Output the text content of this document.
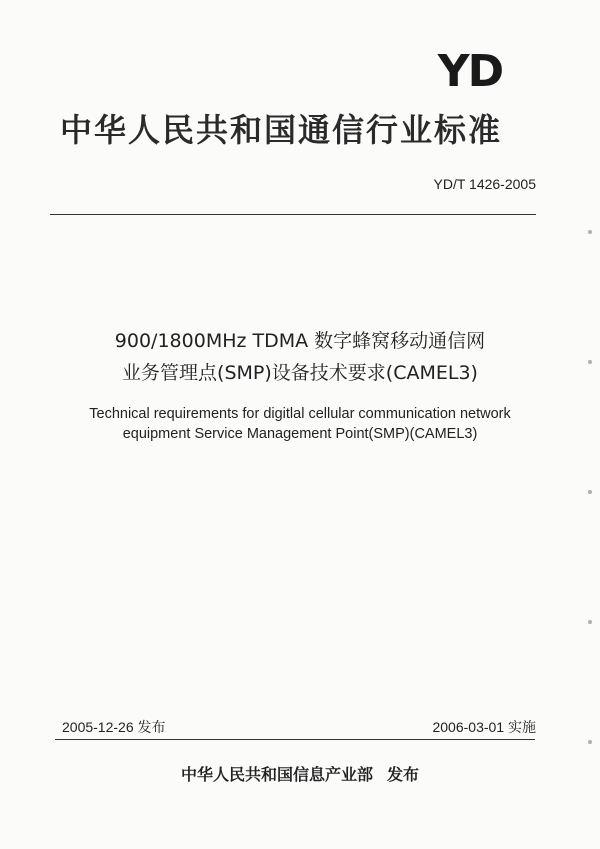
YD
中华人民共和国通信行业标准
YD/T 1426-2005
900/1800MHz TDMA 数字蜂窝移动通信网
业务管理点(SMP)设备技术要求(CAMEL3)
Technical requirements for digitlal cellular communication network
equipment Service Management Point(SMP)(CAMEL3)
2005-12-26 发布	2006-03-01 实施
中华人民共和国信息产业部 发布
